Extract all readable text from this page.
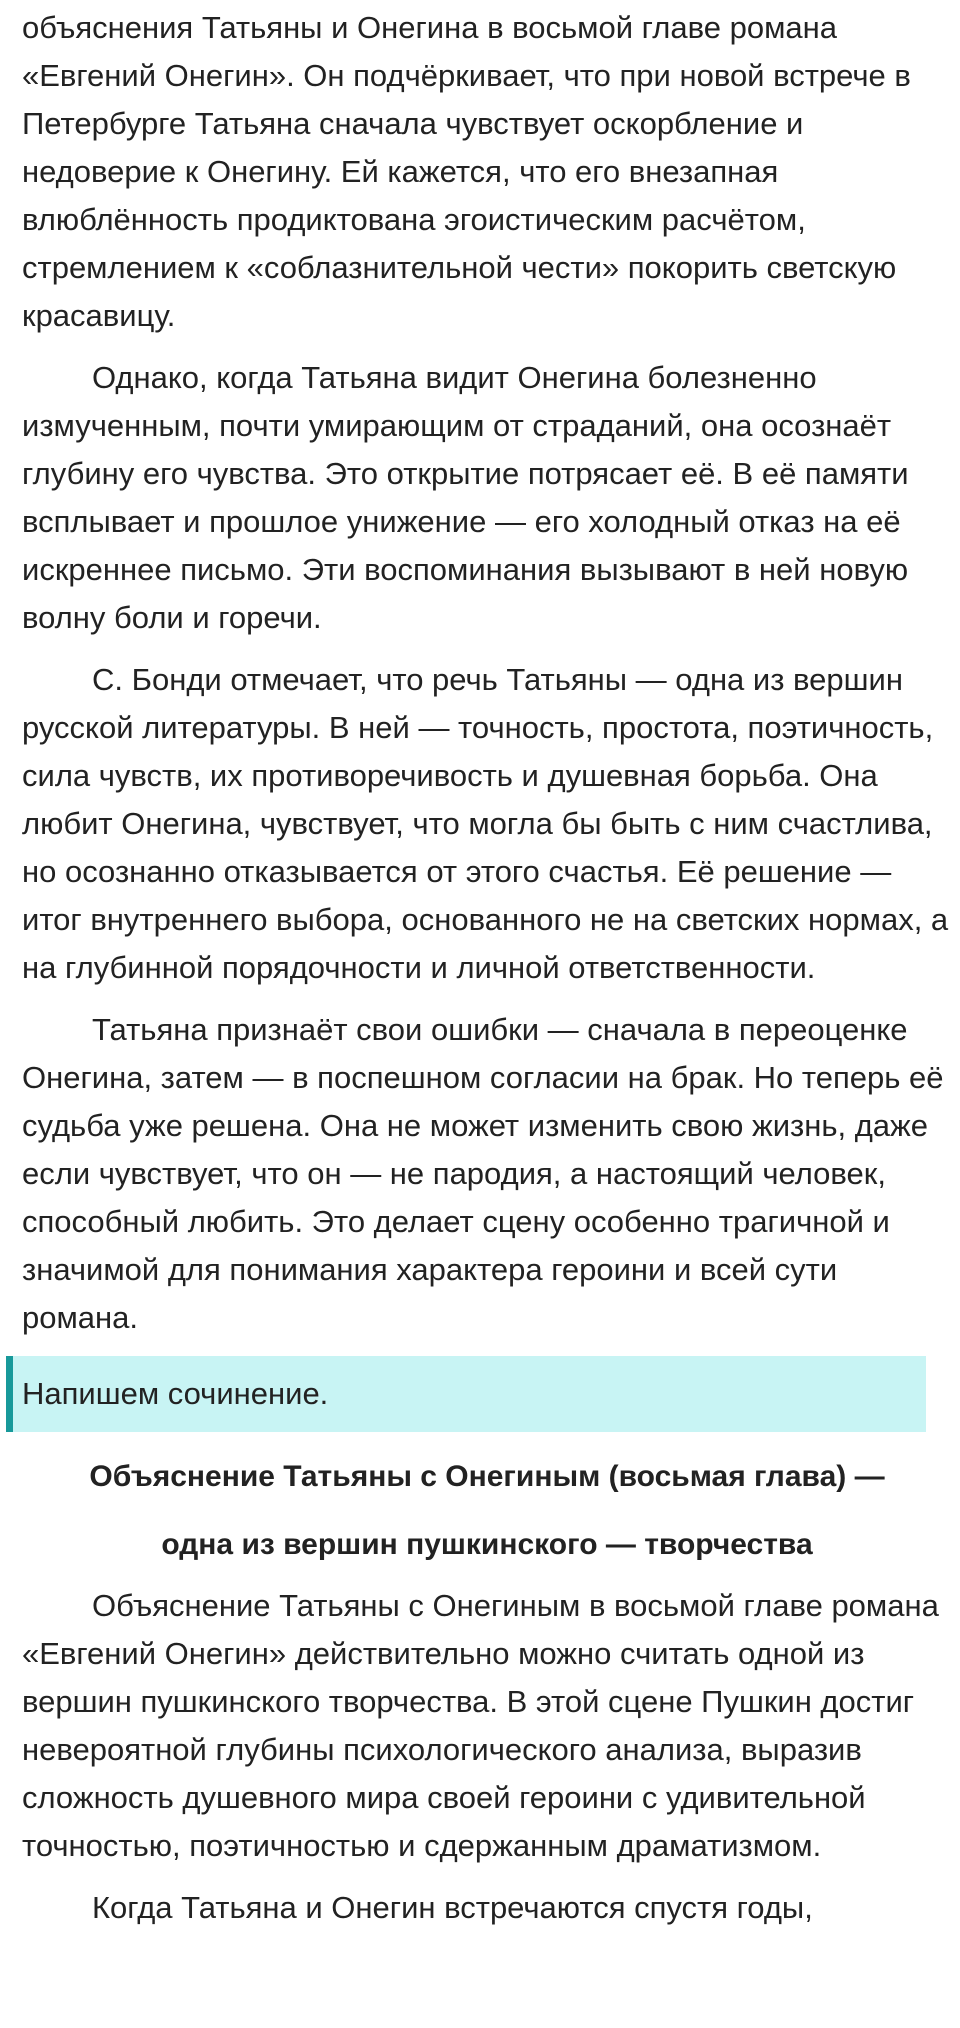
объяснения Татьяны и Онегина в восьмой главе романа «Евгений Онегин». Он подчёркивает, что при новой встрече в Петербурге Татьяна сначала чувствует оскорбление и недоверие к Онегину. Ей кажется, что его внезапная влюблённость продиктована эгоистическим расчётом, стремлением к «соблазнительной чести» покорить светскую красавицу.

Однако, когда Татьяна видит Онегина болезненно измученным, почти умирающим от страданий, она осознаёт глубину его чувства. Это открытие потрясает её. В её памяти всплывает и прошлое унижение — его холодный отказ на её искреннее письмо. Эти воспоминания вызывают в ней новую волну боли и горечи.

С. Бонди отмечает, что речь Татьяны — одна из вершин русской литературы. В ней — точность, простота, поэтичность, сила чувств, их противоречивость и душевная борьба. Она любит Онегина, чувствует, что могла бы быть с ним счастлива, но осознанно отказывается от этого счастья. Её решение — итог внутреннего выбора, основанного не на светских нормах, а на глубинной порядочности и личной ответственности.

Татьяна признаёт свои ошибки — сначала в переоценке Онегина, затем — в поспешном согласии на брак. Но теперь её судьба уже решена. Она не может изменить свою жизнь, даже если чувствует, что он — не пародия, а настоящий человек, способный любить. Это делает сцену особенно трагичной и значимой для понимания характера героини и всей сути романа.

Напишем сочинение.
Объяснение Татьяны с Онегиным (восьмая глава) —
одна из вершин пушкинского — творчества

Объяснение Татьяны с Онегиным в восьмой главе романа «Евгений Онегин» действительно можно считать одной из вершин пушкинского творчества. В этой сцене Пушкин достиг невероятной глубины психологического анализа, выразив сложность душевного мира своей героини с удивительной точностью, поэтичностью и сдержанным драматизмом.

Когда Татьяна и Онегин встречаются спустя годы,
